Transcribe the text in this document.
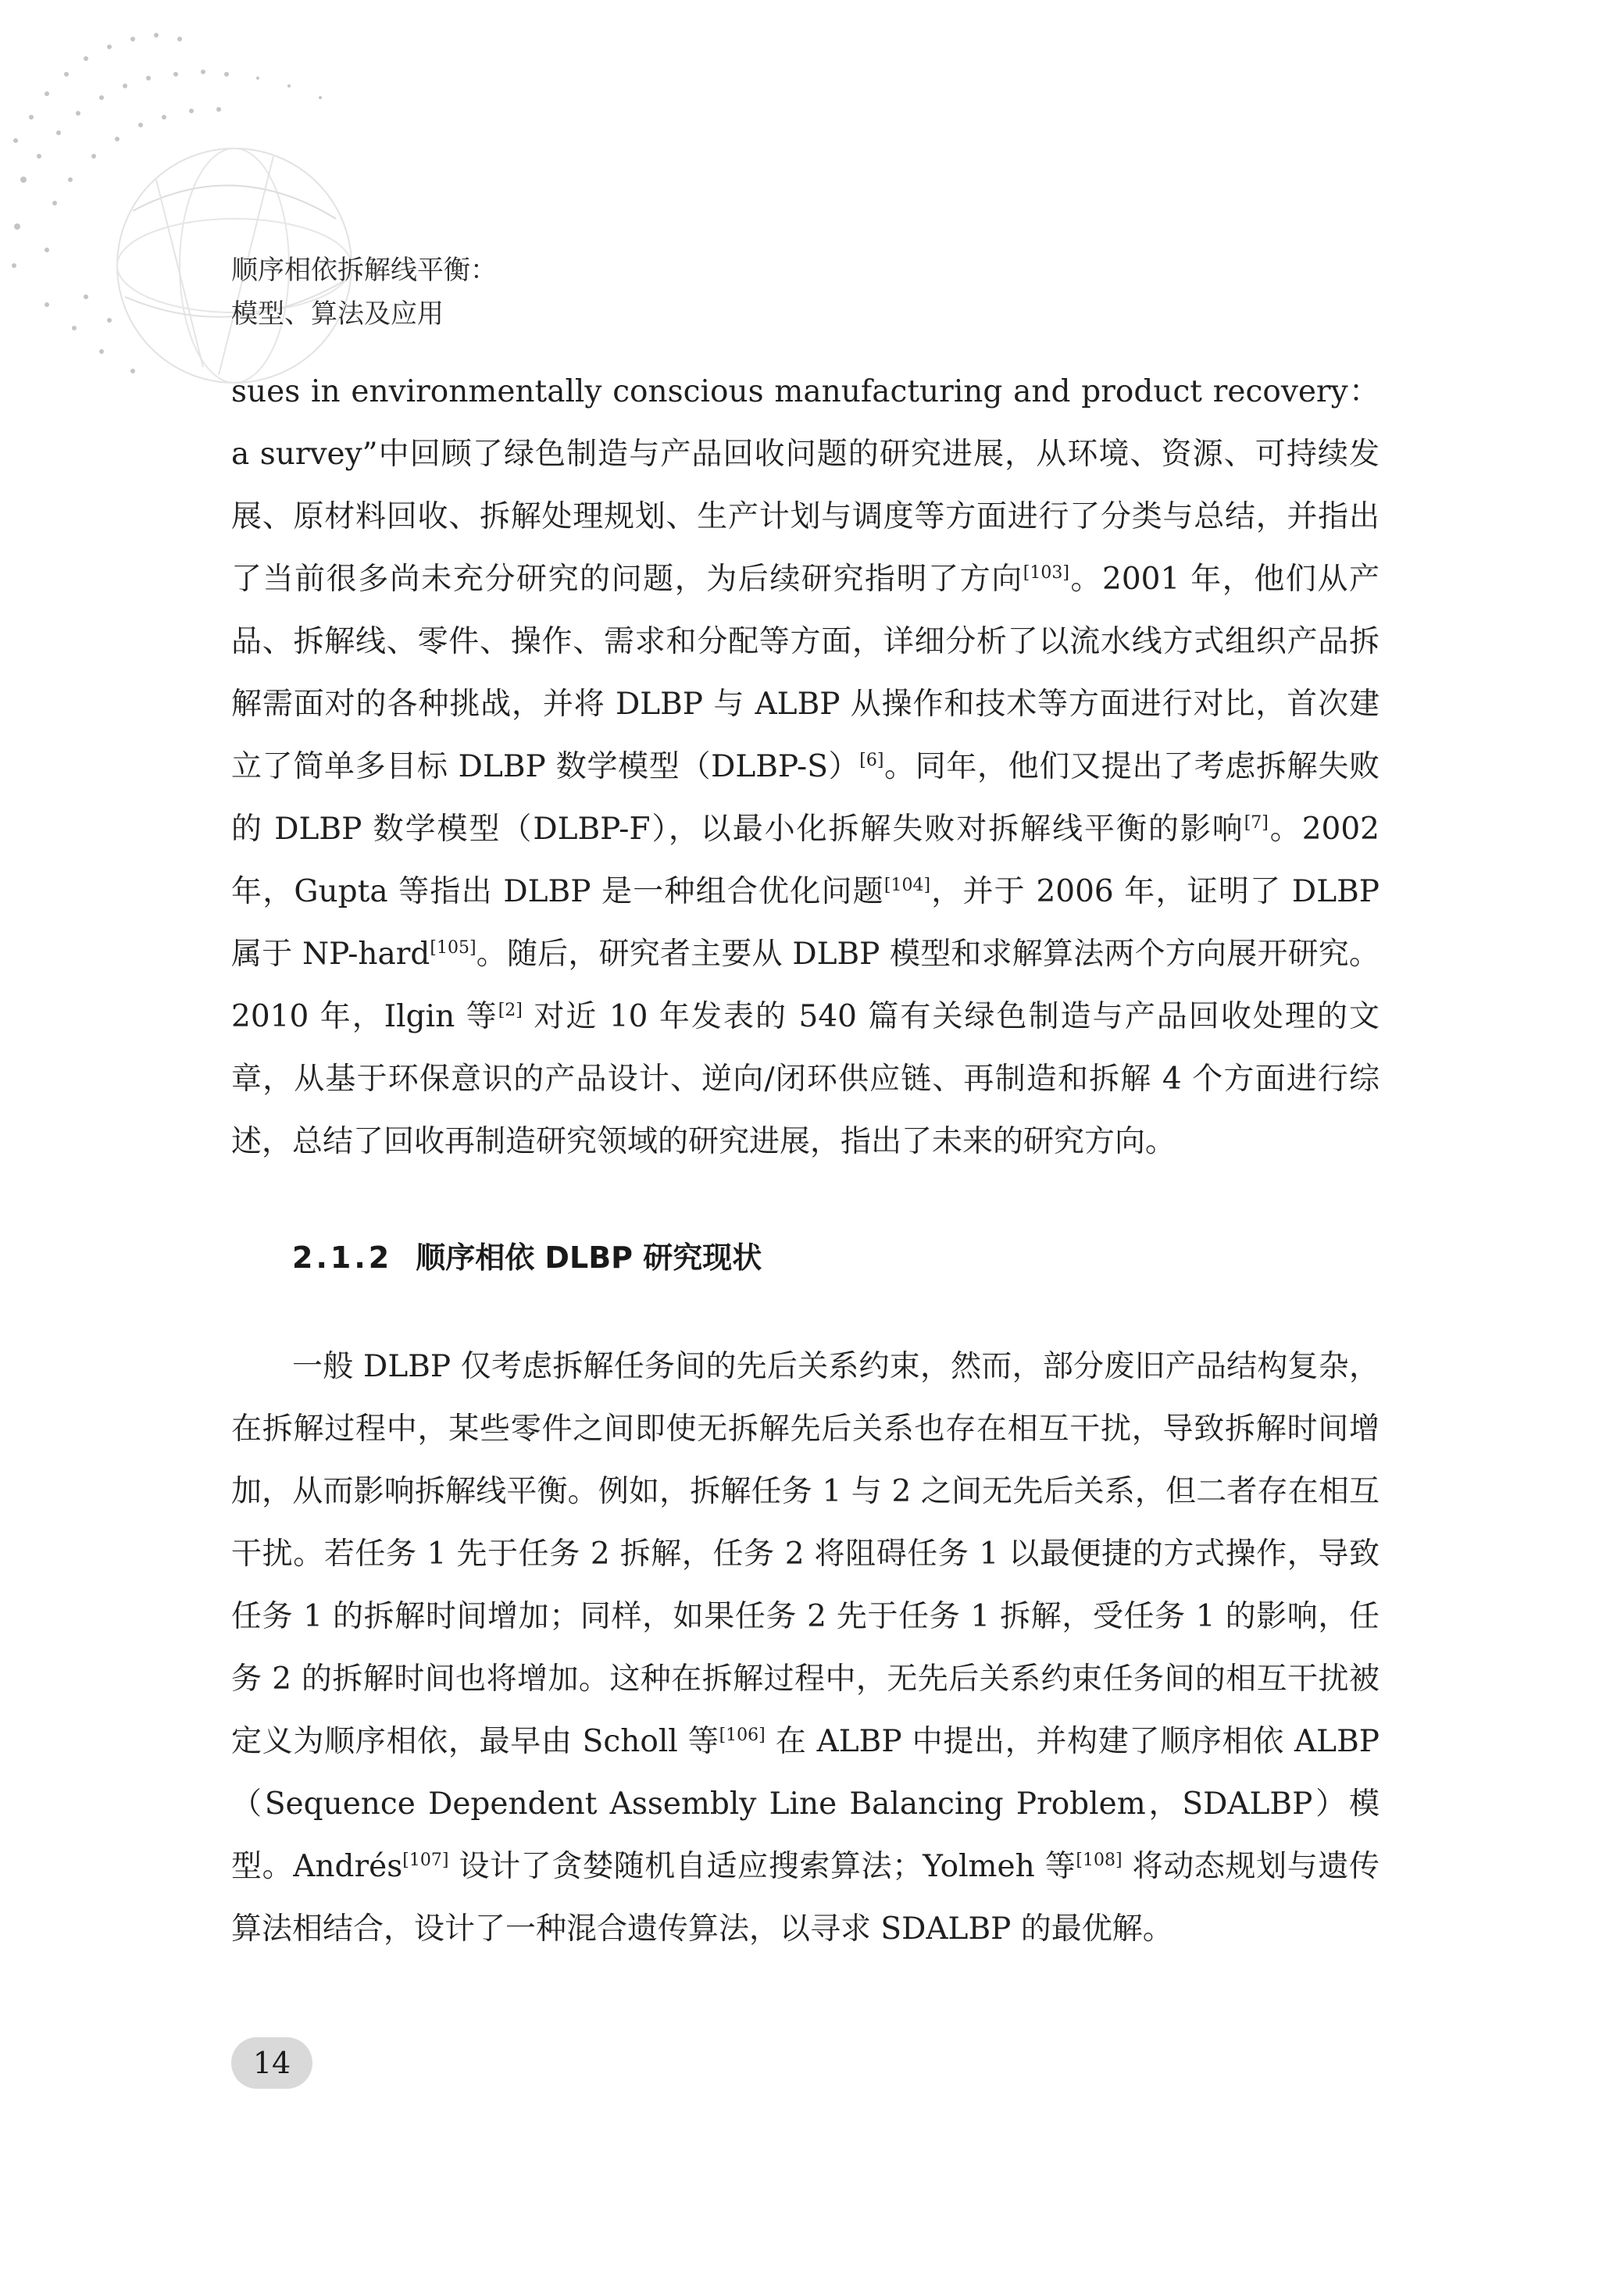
顺序相依拆解线平衡：
模型、算法及应用

sues in environmentally conscious manufacturing and product recovery：a survey”中回顾了绿色制造与产品回收问题的研究进展，从环境、资源、可持续发展、原材料回收、拆解处理规划、生产计划与调度等方面进行了分类与总结，并指出了当前很多尚未充分研究的问题，为后续研究指明了方向[103]。2001 年，他们从产品、拆解线、零件、操作、需求和分配等方面，详细分析了以流水线方式组织产品拆解需面对的各种挑战，并将 DLBP 与 ALBP 从操作和技术等方面进行对比，首次建立了简单多目标 DLBP 数学模型（DLBP-S）[6]。同年，他们又提出了考虑拆解失败的 DLBP 数学模型（DLBP-F），以最小化拆解失败对拆解线平衡的影响[7]。2002 年，Gupta 等指出 DLBP 是一种组合优化问题[104]，并于 2006 年，证明了 DLBP 属于 NP-hard[105]。随后，研究者主要从 DLBP 模型和求解算法两个方向展开研究。2010 年，Ilgin 等[2] 对近 10 年发表的 540 篇有关绿色制造与产品回收处理的文章，从基于环保意识的产品设计、逆向/闭环供应链、再制造和拆解 4 个方面进行综述，总结了回收再制造研究领域的研究进展，指出了未来的研究方向。

2.1.2 顺序相依 DLBP 研究现状

一般 DLBP 仅考虑拆解任务间的先后关系约束，然而，部分废旧产品结构复杂，在拆解过程中，某些零件之间即使无拆解先后关系也存在相互干扰，导致拆解时间增加，从而影响拆解线平衡。例如，拆解任务 1 与 2 之间无先后关系，但二者存在相互干扰。若任务 1 先于任务 2 拆解，任务 2 将阻碍任务 1 以最便捷的方式操作，导致任务 1 的拆解时间增加；同样，如果任务 2 先于任务 1 拆解，受任务 1 的影响，任务 2 的拆解时间也将增加。这种在拆解过程中，无先后关系约束任务间的相互干扰被定义为顺序相依，最早由 Scholl 等[106] 在 ALBP 中提出，并构建了顺序相依 ALBP（Sequence Dependent Assembly Line Balancing Problem，SDALBP）模型。Andrés[107] 设计了贪婪随机自适应搜索算法；Yolmeh 等[108] 将动态规划与遗传算法相结合，设计了一种混合遗传算法，以寻求 SDALBP 的最优解。

14
